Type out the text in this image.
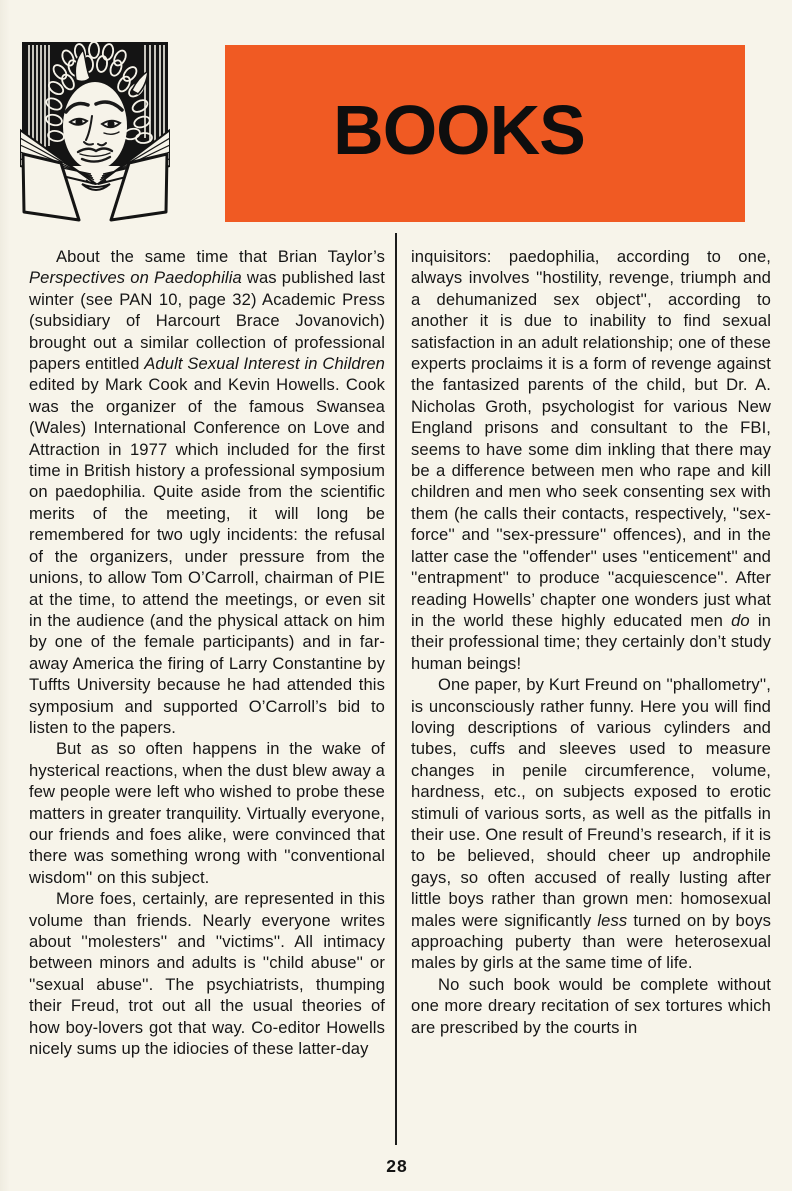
BOOKS

About the same time that Brian Taylor’s Perspectives on Paedophilia was published last winter (see PAN 10, page 32) Academic Press (subsidiary of Harcourt Brace Jovanovich) brought out a similar collection of professional papers entitled Adult Sexual Interest in Children edited by Mark Cook and Kevin Howells. Cook was the organizer of the famous Swansea (Wales) International Conference on Love and Attraction in 1977 which included for the first time in British history a professional symposium on paedophilia. Quite aside from the scientific merits of the meeting, it will long be remembered for two ugly incidents: the refusal of the organizers, under pressure from the unions, to allow Tom O’Carroll, chairman of PIE at the time, to attend the meetings, or even sit in the audience (and the physical attack on him by one of the female participants) and in far-away America the firing of Larry Constantine by Tuffts University because he had attended this symposium and supported O’Carroll’s bid to listen to the papers.

But as so often happens in the wake of hysterical reactions, when the dust blew away a few people were left who wished to probe these matters in greater tranquility. Virtually everyone, our friends and foes alike, were convinced that there was something wrong with ''conventional wisdom'' on this subject.

More foes, certainly, are represented in this volume than friends. Nearly everyone writes about ''molesters'' and ''victims''. All intimacy between minors and adults is ''child abuse'' or ''sexual abuse''. The psychiatrists, thumping their Freud, trot out all the usual theories of how boy-lovers got that way. Co-editor Howells nicely sums up the idiocies of these latter-day

inquisitors: paedophilia, according to one, always involves ''hostility, revenge, triumph and a dehumanized sex object'', according to another it is due to inability to find sexual satisfaction in an adult relationship; one of these experts proclaims it is a form of revenge against the fantasized parents of the child, but Dr. A. Nicholas Groth, psychologist for various New England prisons and consultant to the FBI, seems to have some dim inkling that there may be a difference between men who rape and kill children and men who seek consenting sex with them (he calls their contacts, respectively, ''sex-force'' and ''sex-pressure'' offences), and in the latter case the ''offender'' uses ''enticement'' and ''entrapment'' to produce ''acquiescence''. After reading Howells’ chapter one wonders just what in the world these highly educated men do in their professional time; they certainly don’t study human beings!

One paper, by Kurt Freund on ''phallometry'', is unconsciously rather funny. Here you will find loving descriptions of various cylinders and tubes, cuffs and sleeves used to measure changes in penile circumference, volume, hardness, etc., on subjects exposed to erotic stimuli of various sorts, as well as the pitfalls in their use. One result of Freund’s research, if it is to be believed, should cheer up androphile gays, so often accused of really lusting after little boys rather than grown men: homosexual males were significantly less turned on by boys approaching puberty than were heterosexual males by girls at the same time of life.

No such book would be complete without one more dreary recitation of sex tortures which are prescribed by the courts in

28
